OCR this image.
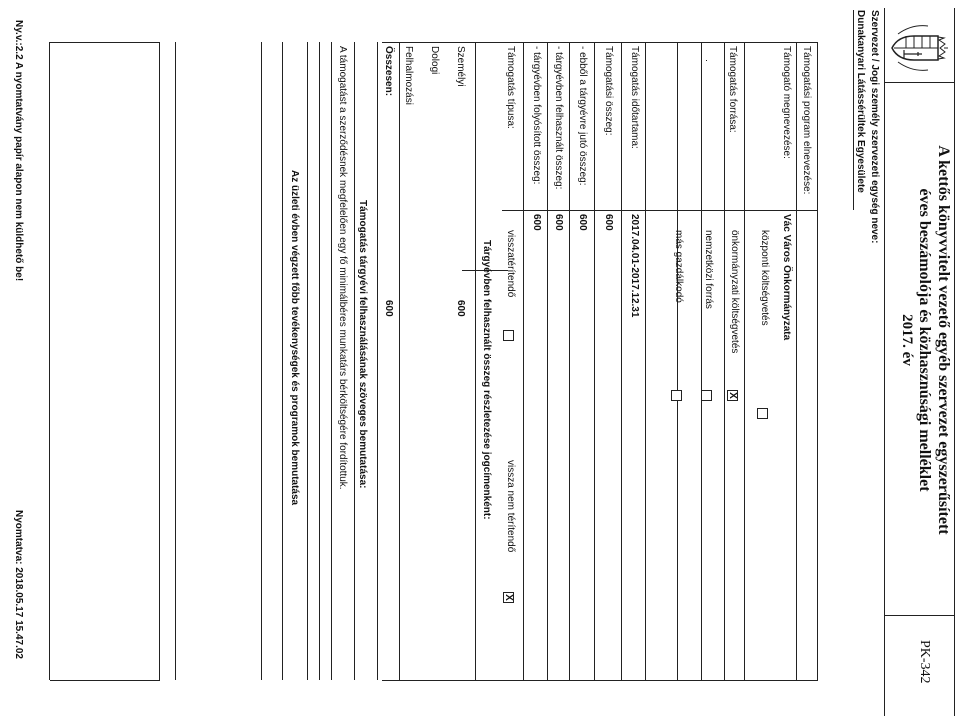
A kettős könyvvitelt vezető egyéb szervezet egyszerűsített
éves beszámolója és közhasznúsági melléklet
2017. év
PK-342
Szervezet / Jogi személy szervezeti egység neve:
Dunakanyari Látássérültek Egyesülete
Támogatási program elnevezése:
Támogató megnevezése:
Vác Város Önkormányzata
Támogatás forrása:
központi költségvetés
önkormányzati költségvetés
X
nemzetközi forrás
más gazdálkodó
Támogatás időtartama:
2017.04.01-2017.12.31
Támogatási összeg:
600
- ebből a tárgyévre jutó összeg:
600
- tárgyévben felhasznált összeg:
600
- tárgyévben folyósított összeg:
600
Támogatás típusa:
visszatérítendő
vissza nem térítendő
X
Tárgyévben felhasznált összeg részletezése jogcímenként:
Személyi
600
Dologi
Felhalmozási
Összesen:
600
Támogatás tárgyévi felhasználásának szöveges bemutatása:
A támogatást a szerződésnek megfelelően egy fő minimálbéres munkatárs bérköltségére fordítottuk.
Az üzleti évben végzett főbb tevékenységek és programok bemutatása
Ny.v.:2.2 A nyomtatvány papír alapon nem küldhető be!
Nyomtatva: 2018.05.17 15.47.02
